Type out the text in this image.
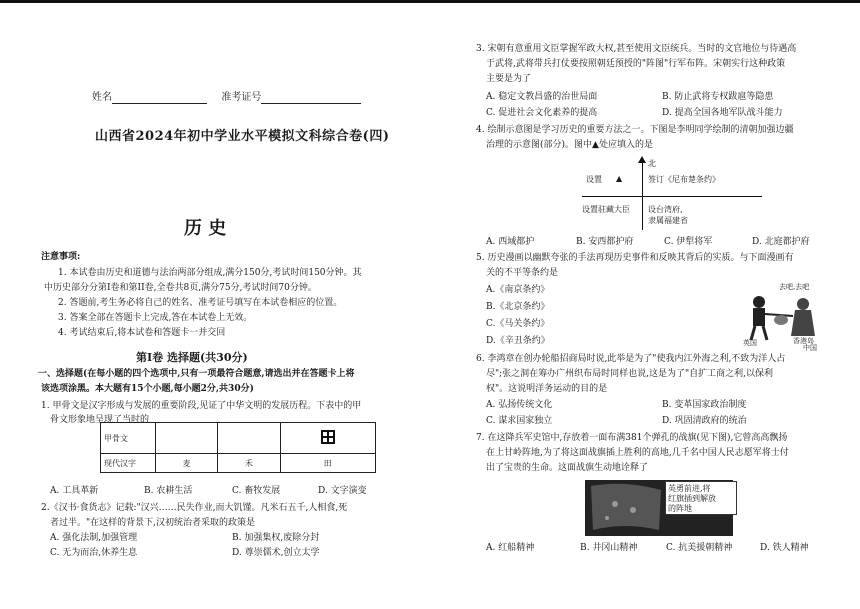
姓名	准考证号
山西省2024年初中学业水平模拟文科综合卷(四)
历 史
注意事项:
1. 本试卷由历史和道德与法治两部分组成,满分150分,考试时间150分钟。其
中历史部分分第I卷和第II卷,全卷共8页,满分75分,考试时间70分钟。
2. 答题前,考生务必将自己的姓名、准考证号填写在本试卷相应的位置。
3. 答案全部在答题卡上完成,答在本试卷上无效。
4. 考试结束后,将本试卷和答题卡一并交回
第I卷 选择题(共30分)
一、选择题(在每小题的四个选项中,只有一项最符合题意,请选出并在答题卡上将
该选项涂黑。本大题有15个小题,每小题2分,共30分)
1. 甲骨文是汉字形成与发展的重要阶段,见证了中华文明的发展历程。下表中的甲
骨文形象地呈现了当时的
甲骨文			
现代汉字	麦	禾	田
A. 工具革新	B. 农耕生活	C. 畜牧发展	D. 文字演变
2.《汉书·食货志》记载:"汉兴……民失作业,而大饥馑。凡米石五千,人相食,死
者过半。"在这样的背景下,汉初统治者采取的政策是
A. 强化法制,加强管理	B. 加强集权,废除分封
C. 无为而治,休养生息	D. 尊崇儒术,创立太学
3. 宋朝有意重用文臣掌握军政大权,甚至使用文臣统兵。当时的文官地位与待遇高
于武将,武将带兵打仗要按照朝廷预授的"阵图"行军布阵。宋朝实行这种政策
主要是为了
A. 稳定文教昌盛的治世局面	B. 防止武将专权跋扈等隐患
C. 促进社会文化素养的提高	D. 提高全国各地军队战斗能力
4. 绘制示意图是学习历史的重要方法之一。下图是李明同学绘制的清朝加强边疆
治理的示意图(部分)。图中▲处应填入的是
北
设置 ▲	签订《尼布楚条约》
设置驻藏大臣 设台湾府,
隶属福建省
A. 西域都护	B. 安西都护府	C. 伊犁将军	D. 北庭都护府
5. 历史漫画以幽默夸张的手法再现历史事件和反映其背后的实质。与下面漫画有
关的不平等条约是
A.《南京条约》
B.《北京条约》
C.《马关条约》
D.《辛丑条约》
去吧,去吧
英国	香港岛
中国
6. 李鸿章在创办轮船招商局时说,此举是为了"使我内江外海之利,不致为洋人占
尽";张之洞在筹办广州织布局时同样也说,这是为了"自扩工商之利,以保利
权"。这说明洋务运动的目的是
A. 弘扬传统文化	B. 变革国家政治制度
C. 谋求国家独立	D. 巩固清政府的统治
7. 在这降兵军史馆中,存放着一面布满381个弹孔的战旗(见下图),它曾高高飘扬
在上甘岭阵地,为了将这面战旗插上胜利的高地,几千名中国人民志愿军将士付
出了宝贵的生命。这面战旗生动地诠释了
英勇前进,将
红旗插到解放
的阵地
A. 红船精神	B. 井冈山精神	C. 抗美援朝精神	D. 铁人精神
